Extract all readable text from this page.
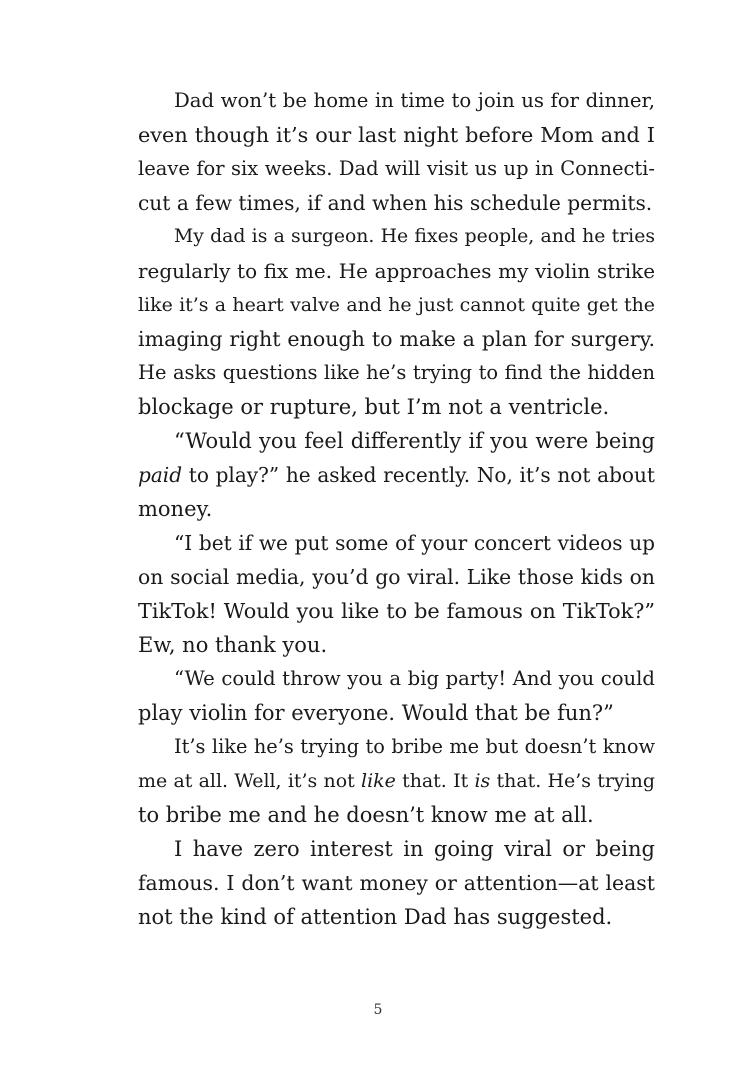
Dad won’t be home in time to join us for dinner,
even though it’s our last night before Mom and I
leave for six weeks. Dad will visit us up in Connecti-
cut a few times, if and when his schedule permits.
My dad is a surgeon. He fixes people, and he tries
regularly to fix me. He approaches my violin strike
like it’s a heart valve and he just cannot quite get the
imaging right enough to make a plan for surgery.
He asks questions like he’s trying to find the hidden
blockage or rupture, but I’m not a ventricle.
“Would you feel differently if you were being
paid to play?” he asked recently. No, it’s not about
money.
“I bet if we put some of your concert videos up
on social media, you’d go viral. Like those kids on
TikTok! Would you like to be famous on TikTok?”
Ew, no thank you.
“We could throw you a big party! And you could
play violin for everyone. Would that be fun?”
It’s like he’s trying to bribe me but doesn’t know
me at all. Well, it’s not like that. It is that. He’s trying
to bribe me and he doesn’t know me at all.
I have zero interest in going viral or being
famous. I don’t want money or attention—at least
not the kind of attention Dad has suggested.
5
